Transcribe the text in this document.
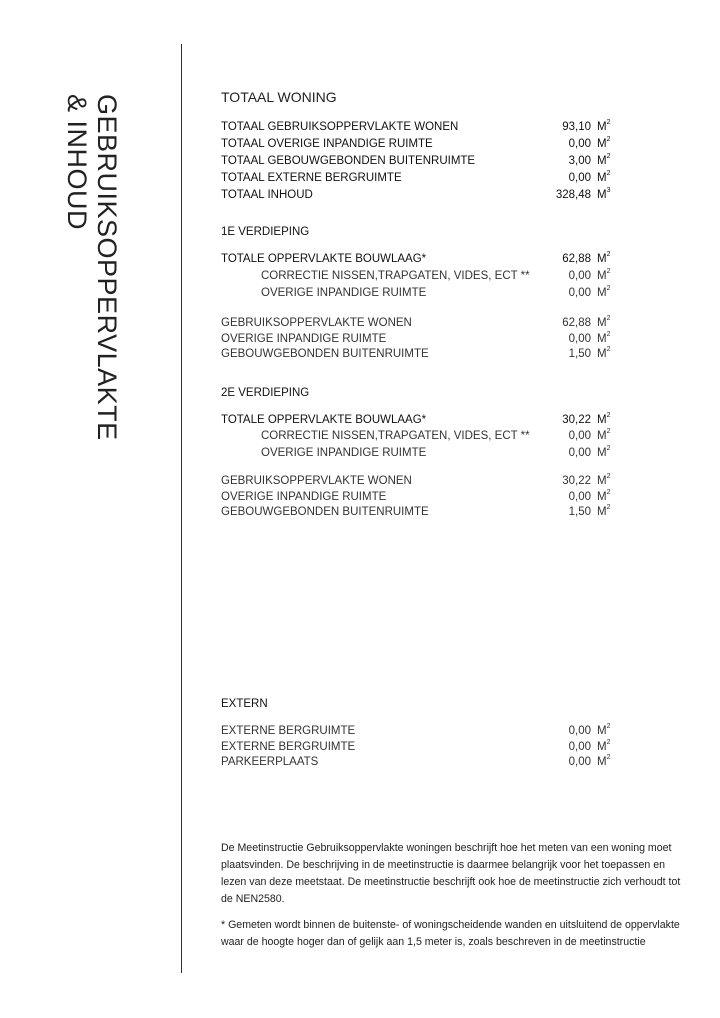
GEBRUIKSOPPERVLAKTE
& INHOUD	TOTAAL WONING
TOTAAL GEBRUIKSOPPERVLAKTE WONEN	93,10 $M^2$
TOTAAL OVERIGE INPANDIGE RUIMTE	0,00 $M^2$
TOTAAL GEBOUWGEBONDEN BUITENRUIMTE	3,00 $M^2$
TOTAAL EXTERNE BERGRUIMTE	0,00 $M^2$
TOTAAL INHOUD	328,48 $M^3$
1E VERDIEPING
TOTALE OPPERVLAKTE BOUWLAAG*	62,88 $M^2$
CORRECTIE NISSEN,TRAPGATEN, VIDES, ECT **	0,00 $M^2$
OVERIGE INPANDIGE RUIMTE	0,00 $M^2$
GEBRUIKSOPPERVLAKTE WONEN	62,88 $M^2$
OVERIGE INPANDIGE RUIMTE	0,00 $M^2$
GEBOUWGEBONDEN BUITENRUIMTE	1,50 $M^2$
2E VERDIEPING
TOTALE OPPERVLAKTE BOUWLAAG*	30,22 $M^2$
CORRECTIE NISSEN,TRAPGATEN, VIDES, ECT **	0,00 $M^2$
OVERIGE INPANDIGE RUIMTE	0,00 $M^2$
GEBRUIKSOPPERVLAKTE WONEN	30,22 $M^2$
OVERIGE INPANDIGE RUIMTE	0,00 $M^2$
GEBOUWGEBONDEN BUITENRUIMTE	1,50 $M^2$
EXTERN
EXTERNE BERGRUIMTE	0,00 $M^2$
EXTERNE BERGRUIMTE	0,00 $M^2$
PARKEERPLAATS	0,00 $M^2$

De Meetinstructie Gebruiksoppervlakte woningen beschrijft hoe het meten van een woning moet plaatsvinden. De beschrijving in de meetinstructie is daarmee belangrijk voor het toepassen en lezen van deze meetstaat. De meetinstructie beschrijft ook hoe de meetinstructie zich verhoudt tot de NEN2580.

* Gemeten wordt binnen de buitenste- of woningscheidende wanden en uitsluitend de oppervlakte waar de hoogte hoger dan of gelijk aan 1,5 meter is, zoals beschreven in de meetinstructie
